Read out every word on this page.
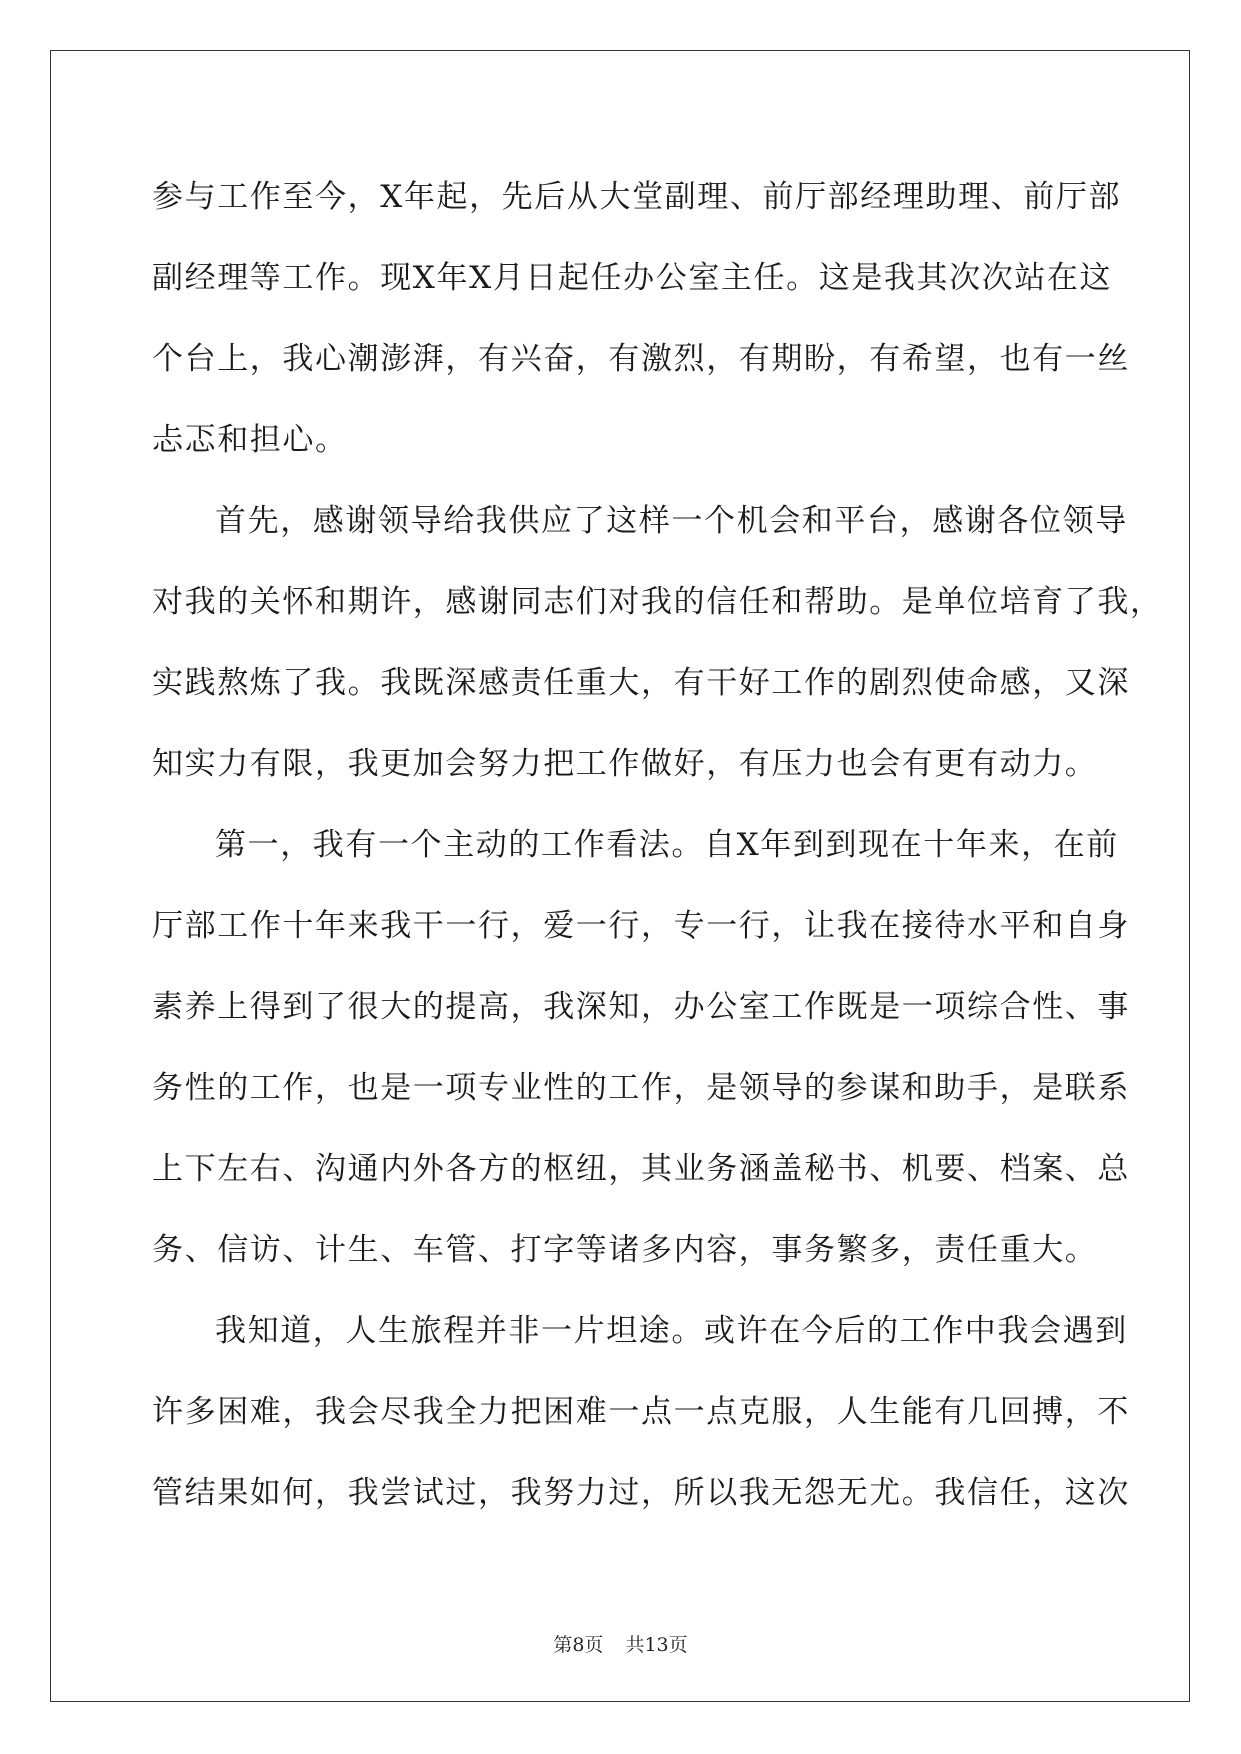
参与工作至今，X年起，先后从大堂副理、前厅部经理助理、前厅部
副经理等工作。现X年X月日起任办公室主任。这是我其次次站在这
个台上，我心潮澎湃，有兴奋，有激烈，有期盼，有希望，也有一丝
忐忑和担心。
首先，感谢领导给我供应了这样一个机会和平台，感谢各位领导
对我的关怀和期许，感谢同志们对我的信任和帮助。是单位培育了我，
实践熬炼了我。我既深感责任重大，有干好工作的剧烈使命感，又深
知实力有限，我更加会努力把工作做好，有压力也会有更有动力。
第一，我有一个主动的工作看法。自X年到到现在十年来，在前
厅部工作十年来我干一行，爱一行，专一行，让我在接待水平和自身
素养上得到了很大的提高，我深知，办公室工作既是一项综合性、事
务性的工作，也是一项专业性的工作，是领导的参谋和助手，是联系
上下左右、沟通内外各方的枢纽，其业务涵盖秘书、机要、档案、总
务、信访、计生、车管、打字等诸多内容，事务繁多，责任重大。
我知道，人生旅程并非一片坦途。或许在今后的工作中我会遇到
许多困难，我会尽我全力把困难一点一点克服，人生能有几回搏，不
管结果如何，我尝试过，我努力过，所以我无怨无尤。我信任，这次
第8页 共13页
